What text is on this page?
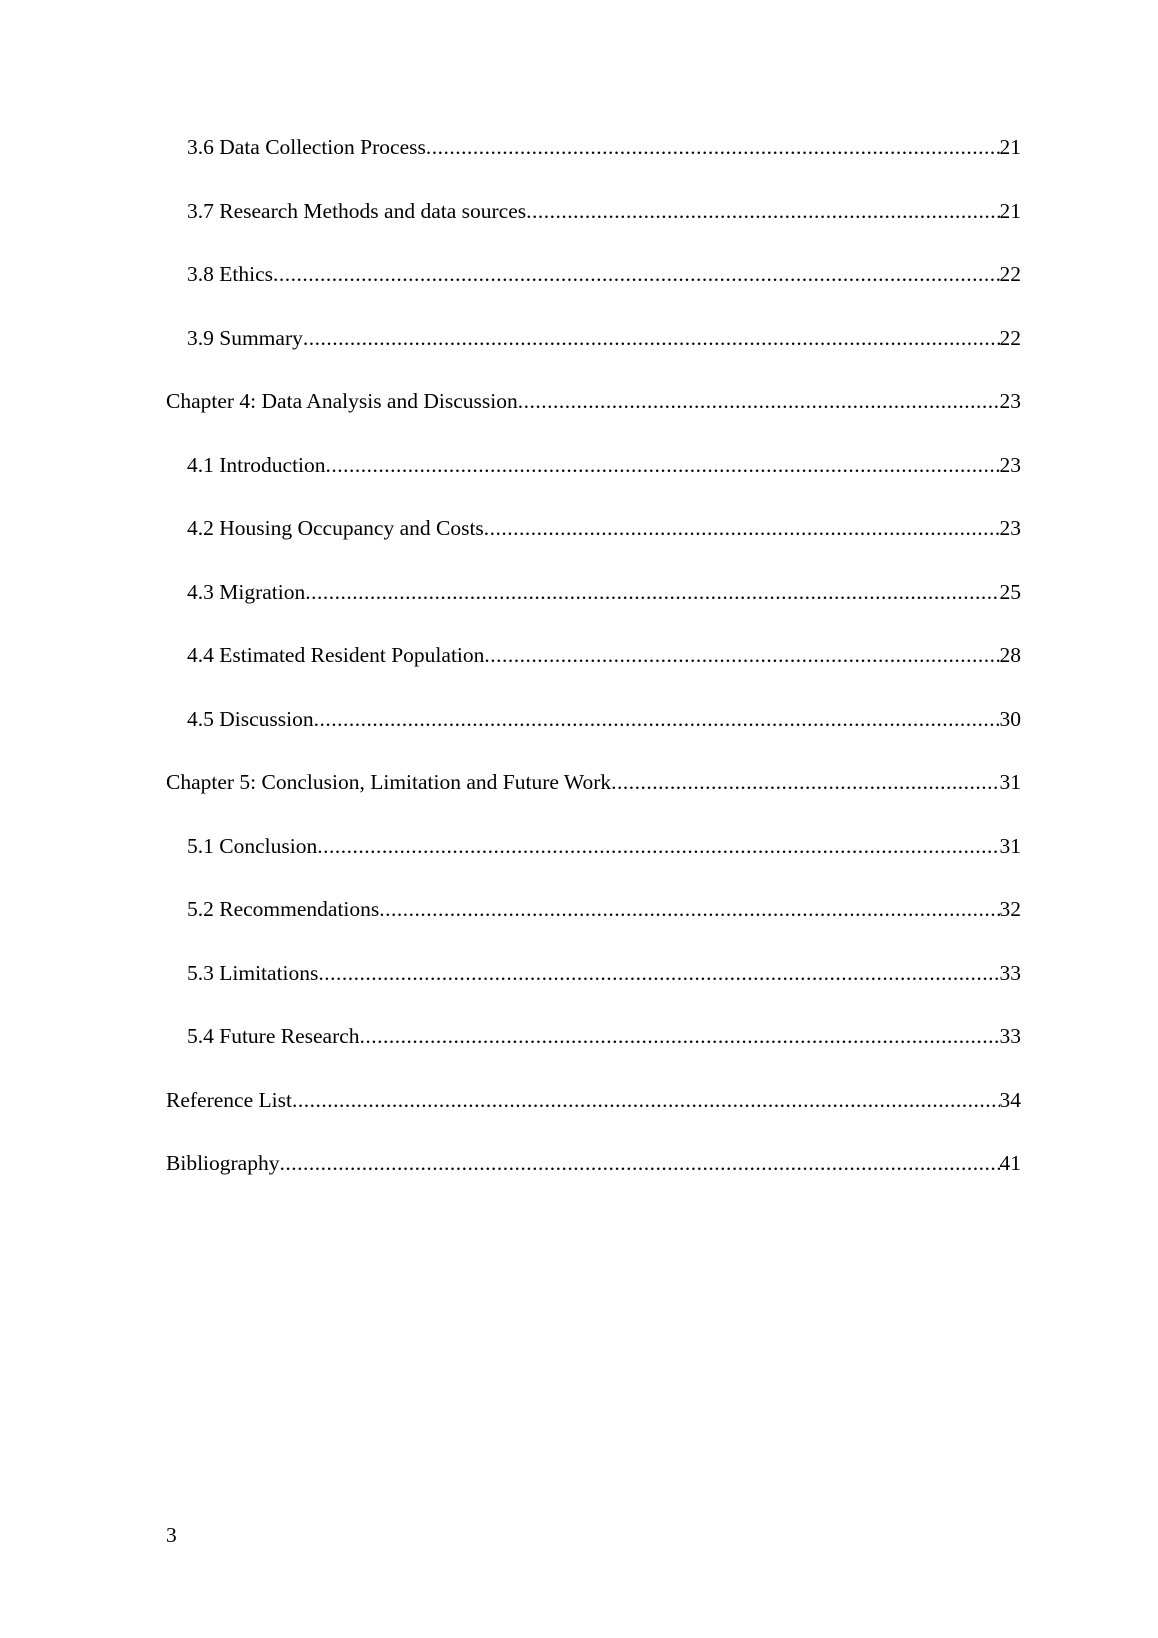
3.6 Data Collection Process .....	21
3.7 Research Methods and data sources .....	21
3.8 Ethics .....	22
3.9 Summary .....	22
Chapter 4: Data Analysis and Discussion .....	23
4.1 Introduction .....	23
4.2 Housing Occupancy and Costs .....	23
4.3 Migration .....	25
4.4 Estimated Resident Population .....	28
4.5 Discussion .....	30
Chapter 5: Conclusion, Limitation and Future Work .....	31
5.1 Conclusion .....	31
5.2 Recommendations .....	32
5.3 Limitations .....	33
5.4 Future Research .....	33
Reference List .....	34
Bibliography .....	41
3
